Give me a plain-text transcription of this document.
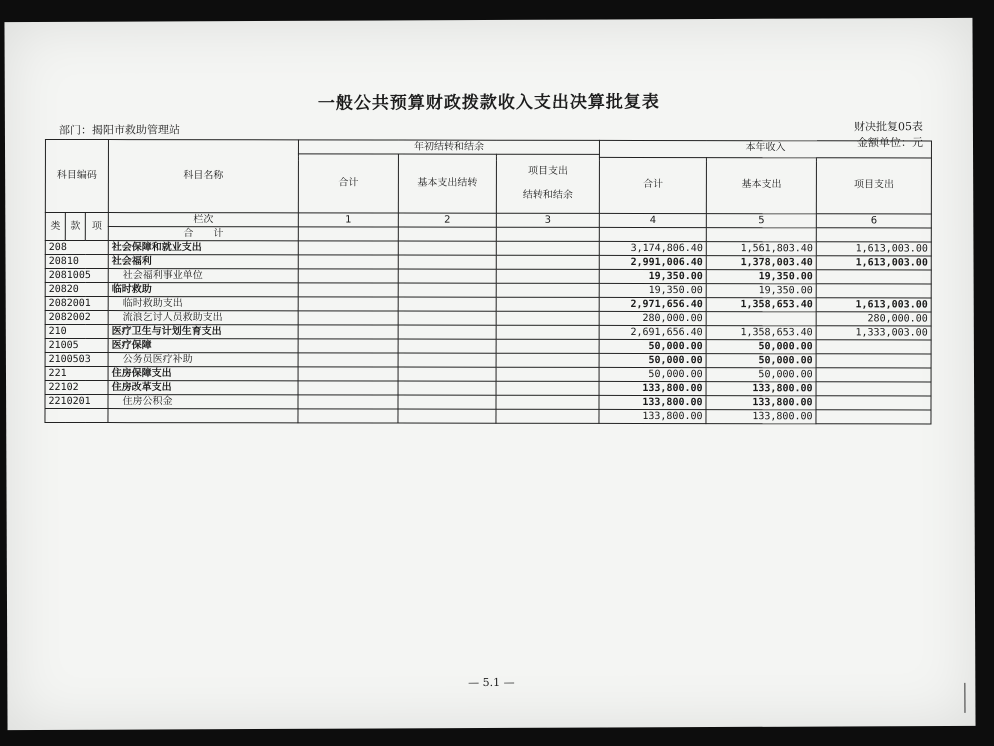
一般公共预算财政拨款收入支出决算批复表
部门：揭阳市救助管理站	财决批复05表
金额单位：元
科目编码			科目名称	年初结转和结余			本年收入		
				合计	基本支出结转	项目支出
结转和结余			

							合计	基本支出	项目支出

类	款	项	栏次	1	2	3	4	5	6
			合　　计						
208			社会保障和就业支出				3,174,806.40	1,561,803.40	1,613,003.00
20810			社会福利				2,991,006.40	1,378,003.40	1,613,003.00
2081005			社会福利事业单位				19,350.00	19,350.00	
20820			临时救助				19,350.00	19,350.00	
2082001			临时救助支出				2,971,656.40	1,358,653.40	1,613,003.00
2082002			流浪乞讨人员救助支出				280,000.00		280,000.00
210			医疗卫生与计划生育支出				2,691,656.40	1,358,653.40	1,333,003.00
21005			医疗保障				50,000.00	50,000.00	
2100503			公务员医疗补助				50,000.00	50,000.00	
221			住房保障支出				50,000.00	50,000.00	
22102			住房改革支出				133,800.00	133,800.00	
2210201			住房公积金				133,800.00	133,800.00	
							133,800.00	133,800.00	
— 5.1 —
